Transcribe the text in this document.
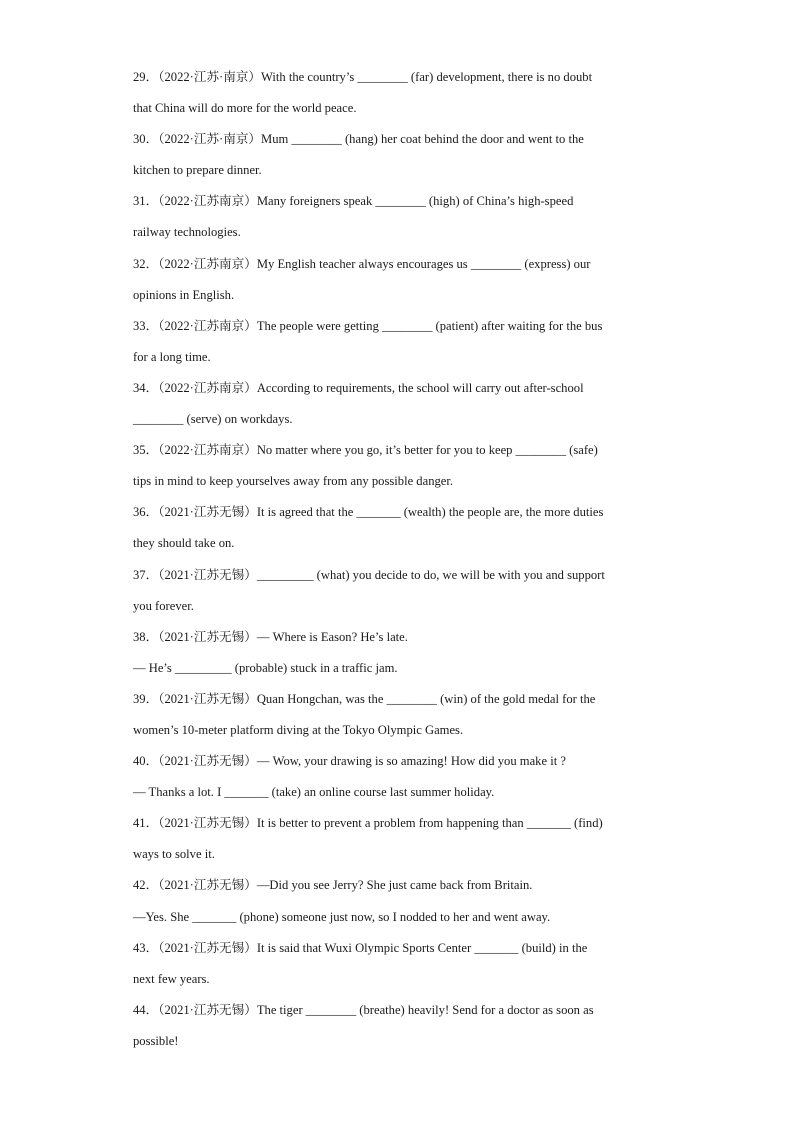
29．（2022·江苏·南京）With the country’s ________ (far) development, there is no doubt
that China will do more for the world peace.
30．（2022·江苏·南京）Mum ________ (hang) her coat behind the door and went to the
kitchen to prepare dinner.
31．（2022·江苏南京）Many foreigners speak ________ (high) of China’s high-speed
railway technologies.
32．（2022·江苏南京）My English teacher always encourages us ________ (express) our
opinions in English.
33．（2022·江苏南京）The people were getting ________ (patient) after waiting for the bus
for a long time.
34．（2022·江苏南京）According to requirements, the school will carry out after-school
________ (serve) on workdays.
35．（2022·江苏南京）No matter where you go, it’s better for you to keep ________ (safe)
tips in mind to keep yourselves away from any possible danger.
36．（2021·江苏无锡）It is agreed that the _______ (wealth) the people are, the more duties
they should take on.
37．（2021·江苏无锡）_________ (what) you decide to do, we will be with you and support
you forever.
38．（2021·江苏无锡）— Where is Eason? He’s late.
— He’s _________ (probable) stuck in a traffic jam.
39．（2021·江苏无锡）Quan Hongchan, was the ________ (win) of the gold medal for the
women’s 10-meter platform diving at the Tokyo Olympic Games.
40．（2021·江苏无锡）— Wow, your drawing is so amazing! How did you make it ?
— Thanks a lot. I _______ (take) an online course last summer holiday.
41．（2021·江苏无锡）It is better to prevent a problem from happening than _______ (find)
ways to solve it.
42．（2021·江苏无锡）—Did you see Jerry? She just came back from Britain.
—Yes. She _______ (phone) someone just now, so I nodded to her and went away.
43．（2021·江苏无锡）It is said that Wuxi Olympic Sports Center _______ (build) in the
next few years.
44．（2021·江苏无锡）The tiger ________ (breathe) heavily! Send for a doctor as soon as
possible!
